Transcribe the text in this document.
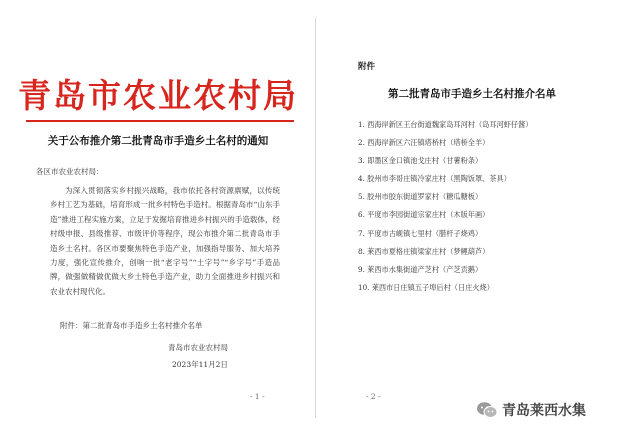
青岛市农业农村局
关于公布推介第二批青岛市手造乡土名村的通知
各区市农业农村局：

为深入贯彻落实乡村振兴战略，我市依托各村资源禀赋，以传统乡村工艺为基础，培育形成一批乡村特色手造村。根据青岛市“山东手造”推进工程实施方案，立足于发掘培育推进乡村振兴的手造载体，经村级申报、县级推荐、市级评价等程序，现公布推介第二批青岛市手造乡土名村。各区市要聚焦特色手造产业，加强指导服务、加大培养力度，强化宣传推介，创响一批“老字号”“土字号”“乡字号”手造品牌，做强做精做优做大乡土特色手造产业，助力全面推进乡村振兴和农业农村现代化。

附件：第二批青岛市手造乡土名村推介名单
青岛市农业农村局
2023年11月2日
- 1 -
附件
第二批青岛市手造乡土名村推介名单
1. 西海岸新区王台街道魏家岛耳河村（岛耳河虾仔酱）
2. 西海岸新区六汪镇塔桥村（塔桥全羊）
3. 即墨区金口镇池戈庄村（甘薯粉条）
4. 胶州市李哥庄镇冷家庄村（黑陶饭罩、茶具）
5. 胶州市胶东街道罗家村（糖瓜糖板）
6. 平度市李园街道宗家庄村（木版年画）
7. 平度市古岘镇七里村（腊杆子烧鸡）
8. 莱西市夏格庄镇梁家庄村（梦鲤葫芦）
9. 莱西市水集街道产芝村（产芝贡鹅）
10. 莱西市日庄镇五子埠后村（日庄火烧）
- 2 -
青岛莱西水集
